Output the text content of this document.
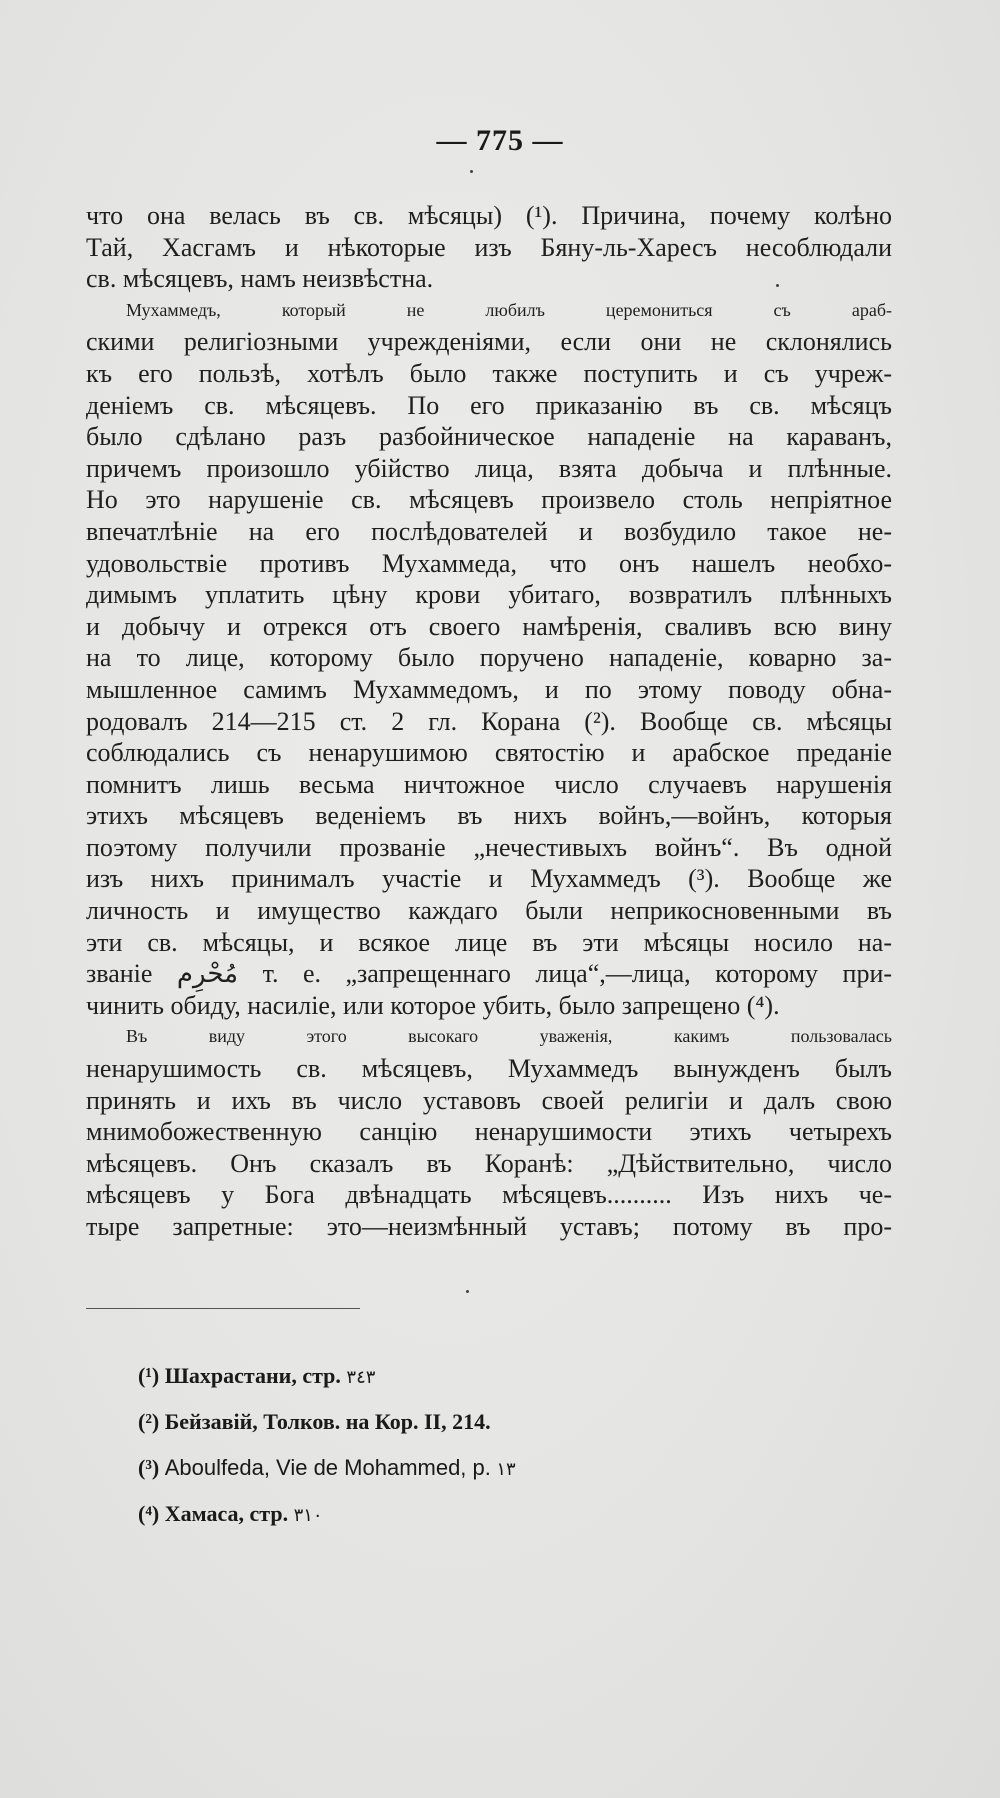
— 775 —
что она велась въ св. мѣсяцы) (¹). Причина, почему колѣно
Тай, Хасгамъ и нѣкоторые изъ Бяну-ль-Харесъ несоблюдали
св. мѣсяцевъ, намъ неизвѣстна.
Мухаммедъ, который не любилъ церемониться съ араб-
скими религіозными учрежденіями, если они не склонялись
къ его пользѣ, хотѣлъ было также поступить и съ учреж-
деніемъ св. мѣсяцевъ. По его приказанію въ св. мѣсяцъ
было сдѣлано разъ разбойническое нападеніе на караванъ,
причемъ произошло убійство лица, взята добыча и плѣнные.
Но это нарушеніе св. мѣсяцевъ произвело столь непріятное
впечатлѣніе на его послѣдователей и возбудило такое не-
удовольствіе противъ Мухаммеда, что онъ нашелъ необхо-
димымъ уплатить цѣну крови убитаго, возвратилъ плѣнныхъ
и добычу и отрекся отъ своего намѣренія, сваливъ всю вину
на то лице, которому было поручено нападеніе, коварно за-
мышленное самимъ Мухаммедомъ, и по этому поводу обна-
родовалъ 214—215 ст. 2 гл. Корана (²). Вообще св. мѣсяцы
соблюдались съ ненарушимою святостію и арабское преданіе
помнитъ лишь весьма ничтожное число случаевъ нарушенія
этихъ мѣсяцевъ веденіемъ въ нихъ войнъ,—войнъ, которыя
поэтому получили прозваніе „нечестивыхъ войнъ“. Въ одной
изъ нихъ принималъ участіе и Мухаммедъ (³). Вообще же
личность и имущество каждаго были неприкосновенными въ
эти св. мѣсяцы, и всякое лице въ эти мѣсяцы носило на-
званіе مُحْرِم т. е. „запрещеннаго лица“,—лица, которому при-
чинить обиду, насиліе, или которое убить, было запрещено (⁴).
Въ виду этого высокаго уваженія, какимъ пользовалась
ненарушимость св. мѣсяцевъ, Мухаммедъ вынужденъ былъ
принять и ихъ въ число уставовъ своей религіи и далъ свою
мнимобожественную санцію ненарушимости этихъ четырехъ
мѣсяцевъ. Онъ сказалъ въ Коранѣ: „Дѣйствительно, число
мѣсяцевъ у Бога двѣнадцать мѣсяцевъ.......... Изъ нихъ че-
тыре запретные: это—неизмѣнный уставъ; потому въ про-
(¹) Шахрастани, стр. ٣٤٣
(²) Бейзавій, Толков. на Кор. II, 214.
(³) Aboulfeda, Vie de Mohammed, p. ١٣
(⁴) Хамаса, стр. ٣١٠
